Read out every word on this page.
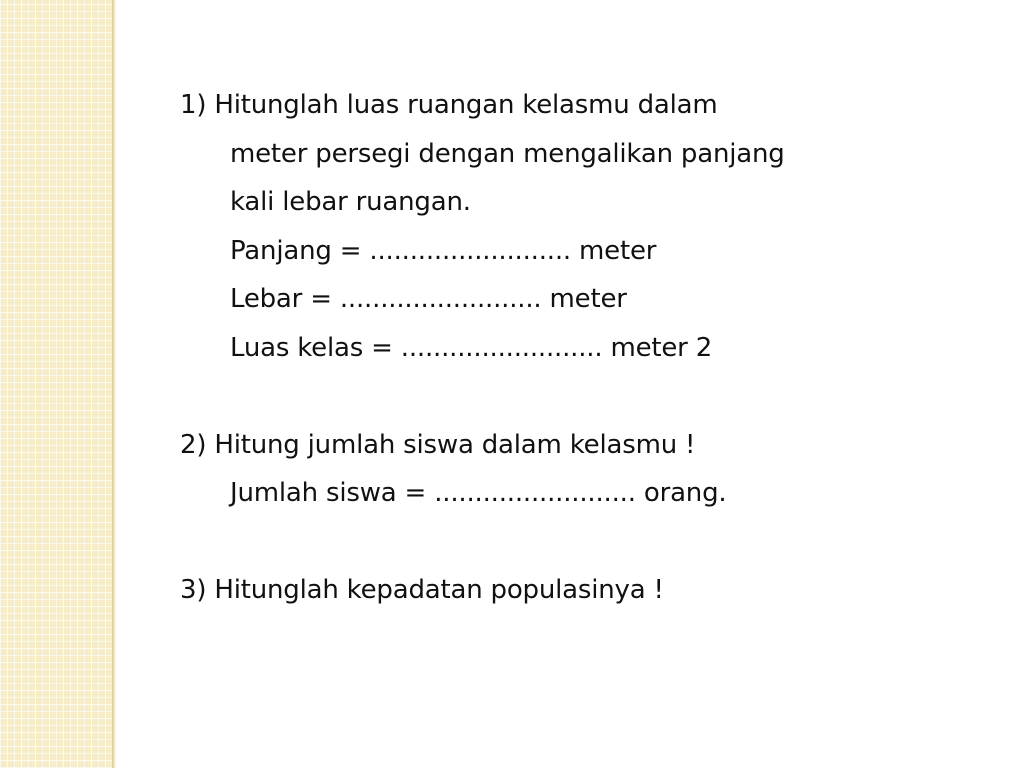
1) Hitunglah luas ruangan kelasmu dalam
meter persegi dengan mengalikan panjang
kali lebar ruangan.
Panjang = ......................... meter
Lebar = ......................... meter
Luas kelas = ......................... meter 2
2) Hitung jumlah siswa dalam kelasmu !
Jumlah siswa = ......................... orang.
3) Hitunglah kepadatan populasinya !
